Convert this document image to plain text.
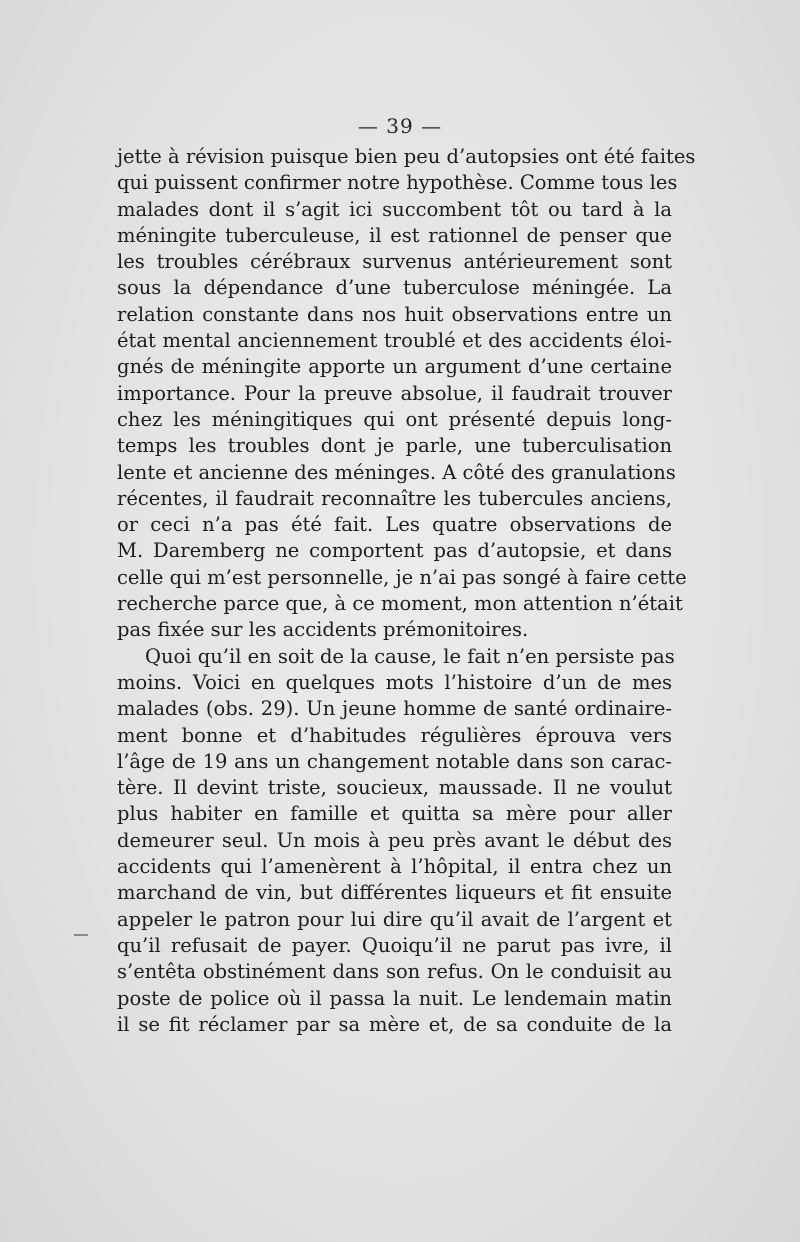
— 39 —
jette à révision puisque bien peu d’autopsies ont été faites
qui puissent confirmer notre hypothèse. Comme tous les
malades dont il s’agit ici succombent tôt ou tard à la
méningite tuberculeuse, il est rationnel de penser que
les troubles cérébraux survenus antérieurement sont
sous la dépendance d’une tuberculose méningée. La
relation constante dans nos huit observations entre un
état mental anciennement troublé et des accidents éloi-
gnés de méningite apporte un argument d’une certaine
importance. Pour la preuve absolue, il faudrait trouver
chez les méningitiques qui ont présenté depuis long-
temps les troubles dont je parle, une tuberculisation
lente et ancienne des méninges. A côté des granulations
récentes, il faudrait reconnaître les tubercules anciens,
or ceci n’a pas été fait. Les quatre observations de
M. Daremberg ne comportent pas d’autopsie, et dans
celle qui m’est personnelle, je n’ai pas songé à faire cette
recherche parce que, à ce moment, mon attention n’était
pas fixée sur les accidents prémonitoires.
Quoi qu’il en soit de la cause, le fait n’en persiste pas
moins. Voici en quelques mots l’histoire d’un de mes
malades (obs. 29). Un jeune homme de santé ordinaire-
ment bonne et d’habitudes régulières éprouva vers
l’âge de 19 ans un changement notable dans son carac-
tère. Il devint triste, soucieux, maussade. Il ne voulut
plus habiter en famille et quitta sa mère pour aller
demeurer seul. Un mois à peu près avant le début des
accidents qui l’amenèrent à l’hôpital, il entra chez un
marchand de vin, but différentes liqueurs et fit ensuite
appeler le patron pour lui dire qu’il avait de l’argent et
qu’il refusait de payer. Quoiqu’il ne parut pas ivre, il
s’entêta obstinément dans son refus. On le conduisit au
poste de police où il passa la nuit. Le lendemain matin
il se fit réclamer par sa mère et, de sa conduite de la
